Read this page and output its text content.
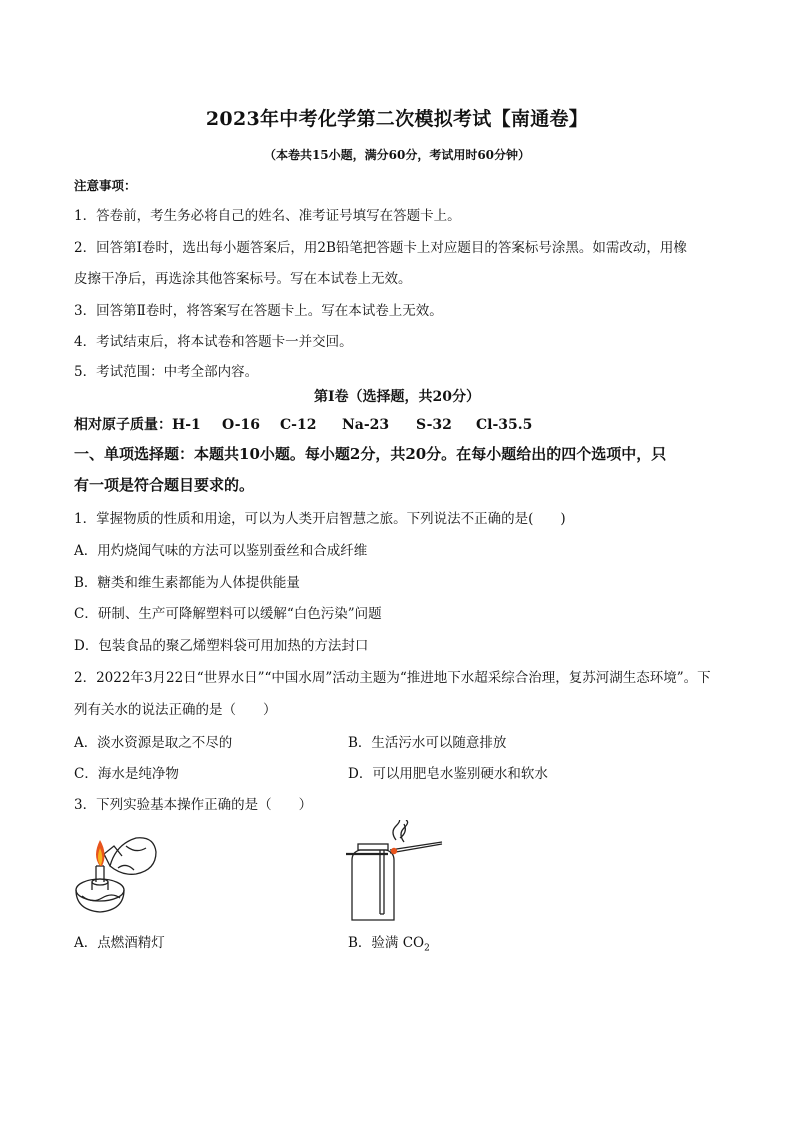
2023年中考化学第二次模拟考试【南通卷】
（本卷共15小题，满分60分，考试用时60分钟）
注意事项：
1．答卷前，考生务必将自己的姓名、准考证号填写在答题卡上。
2．回答第Ⅰ卷时，选出每小题答案后，用2B铅笔把答题卡上对应题目的答案标号涂黑。如需改动，用橡
皮擦干净后，再选涂其他答案标号。写在本试卷上无效。
3．回答第Ⅱ卷时，将答案写在答题卡上。写在本试卷上无效。
4．考试结束后，将本试卷和答题卡一并交回。
5．考试范围：中考全部内容。
第Ⅰ卷（选择题，共20分）
相对原子质量：H-1 O-16 C-12 Na-23 S-32 Cl-35.5
一、单项选择题：本题共10小题。每小题2分，共20分。在每小题给出的四个选项中，只
有一项是符合题目要求的。
1．掌握物质的性质和用途，可以为人类开启智慧之旅。下列说法不正确的是(　　)
A．用灼烧闻气味的方法可以鉴别蚕丝和合成纤维
B．糖类和维生素都能为人体提供能量
C．研制、生产可降解塑料可以缓解“白色污染”问题
D．包装食品的聚乙烯塑料袋可用加热的方法封口
2．2022年3月22日“世界水日”“中国水周”活动主题为“推进地下水超采综合治理，复苏河湖生态环境”。下
列有关水的说法正确的是（　　）
A．淡水资源是取之不尽的	B．生活污水可以随意排放
C．海水是纯净物	D．可以用肥皂水鉴别硬水和软水
3．下列实验基本操作正确的是（　　）
A．点燃酒精灯	B．验满 $CO_2$
